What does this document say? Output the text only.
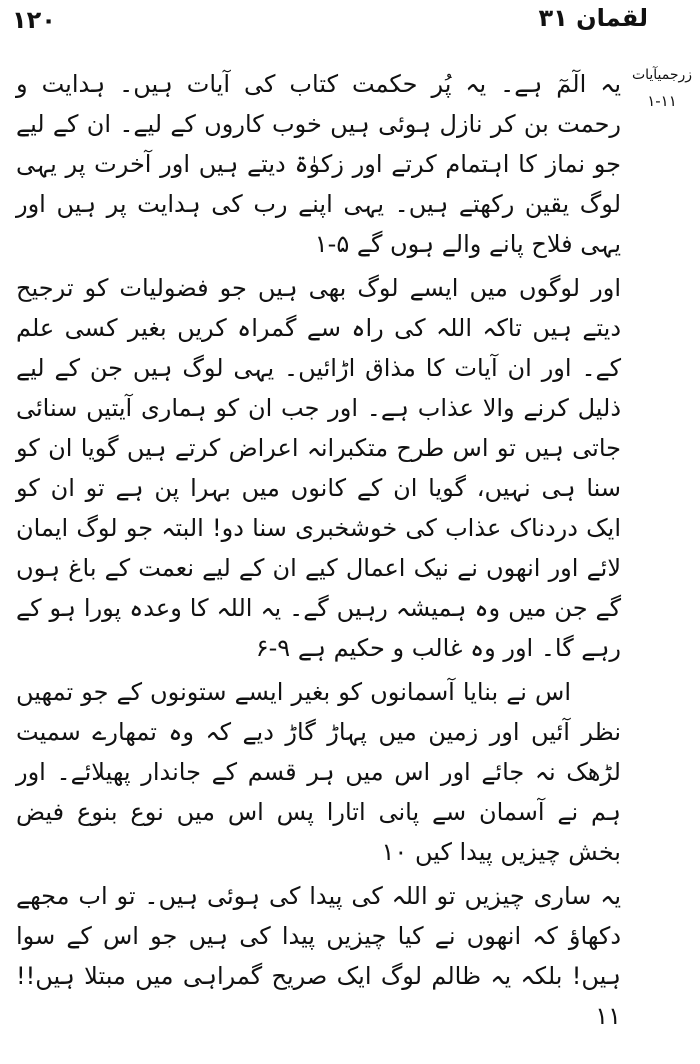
۱۲۰	لقمان ۳۱
زرجمیآیات
۱-۱۱

یہ الٓمٓ ہے۔ یہ پُر حکمت کتاب کی آیات ہیں۔ ہدایت و رحمت بن کر نازل ہوئی ہیں خوب کاروں کے لیے۔ ان کے لیے جو نماز کا اہتمام کرتے اور زکوٰۃ دیتے ہیں اور آخرت پر یہی لوگ یقین رکھتے ہیں۔ یہی اپنے رب کی ہدایت پر ہیں اور یہی فلاح پانے والے ہوں گے ۱-۵

اور لوگوں میں ایسے لوگ بھی ہیں جو فضولیات کو ترجیح دیتے ہیں تاکہ اللہ کی راہ سے گمراہ کریں بغیر کسی علم کے۔ اور ان آیات کا مذاق اڑائیں۔ یہی لوگ ہیں جن کے لیے ذلیل کرنے والا عذاب ہے۔ اور جب ان کو ہماری آیتیں سنائی جاتی ہیں تو اس طرح متکبرانہ اعراض کرتے ہیں گویا ان کو سنا ہی نہیں، گویا ان کے کانوں میں بہرا پن ہے تو ان کو ایک دردناک عذاب کی خوشخبری سنا دو! البتہ جو لوگ ایمان لائے اور انھوں نے نیک اعمال کیے ان کے لیے نعمت کے باغ ہوں گے جن میں وہ ہمیشہ رہیں گے۔ یہ اللہ کا وعدہ پورا ہو کے رہے گا۔ اور وہ غالب و حکیم ہے ۶-۹

اس نے بنایا آسمانوں کو بغیر ایسے ستونوں کے جو تمھیں نظر آئیں اور زمین میں پہاڑ گاڑ دیے کہ وہ تمھارے سمیت لڑھک نہ جائے اور اس میں ہر قسم کے جاندار پھیلائے۔ اور ہم نے آسمان سے پانی اتارا پس اس میں نوع بنوع فیض بخش چیزیں پیدا کیں ۱۰

یہ ساری چیزیں تو اللہ کی پیدا کی ہوئی ہیں۔ تو اب مجھے دکھاؤ کہ انھوں نے کیا چیزیں پیدا کی ہیں جو اس کے سوا ہیں! بلکہ یہ ظالم لوگ ایک صریح گمراہی میں مبتلا ہیں!! ۱۱
